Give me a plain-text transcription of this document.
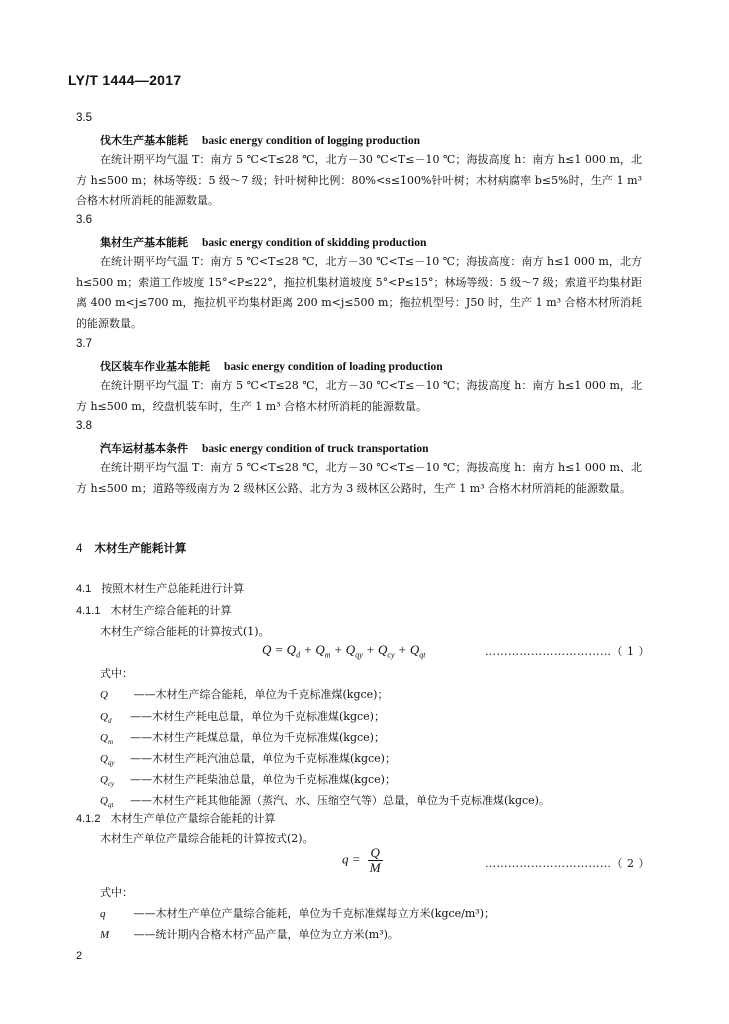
LY/T 1444—2017
3.5
伐木生产基本能耗 basic energy condition of logging production

在统计期平均气温 T：南方 5 ℃<T≤28 ℃，北方－30 ℃<T≤－10 ℃；海拔高度 h：南方 h≤1 000 m，北方 h≤500 m；林场等级：5 级～7 级；针叶树种比例：80%<s≤100%针叶树；木材病腐率 b≤5%时，生产 1 m³ 合格木材所消耗的能源数量。

3.6
集材生产基本能耗 basic energy condition of skidding production

在统计期平均气温 T：南方 5 ℃<T≤28 ℃，北方－30 ℃<T≤－10 ℃；海拔高度：南方 h≤1 000 m，北方 h≤500 m；索道工作坡度 15°<P≤22°，拖拉机集材道坡度 5°<P≤15°；林场等级：5 级～7 级；索道平均集材距离 400 m<j≤700 m，拖拉机平均集材距离 200 m<j≤500 m；拖拉机型号：J50 时，生产 1 m³ 合格木材所消耗的能源数量。

3.7
伐区装车作业基本能耗 basic energy condition of loading production

在统计期平均气温 T：南方 5 ℃<T≤28 ℃，北方－30 ℃<T≤－10 ℃；海拔高度 h：南方 h≤1 000 m，北方 h≤500 m，绞盘机装车时，生产 1 m³ 合格木材所消耗的能源数量。

3.8
汽车运材基本条件 basic energy condition of truck transportation

在统计期平均气温 T：南方 5 ℃<T≤28 ℃，北方－30 ℃<T≤－10 ℃；海拔高度 h：南方 h≤1 000 m、北方 h≤500 m；道路等级南方为 2 级林区公路、北方为 3 级林区公路时，生产 1 m³ 合格木材所消耗的能源数量。

4 木材生产能耗计算
4.1 按照木材生产总能耗进行计算
4.1.1 木材生产综合能耗的计算
木材生产综合能耗的计算按式(1)。
$Q = Q_d + Q_m + Q_{qy} + Q_{cy} + Q_{qt}$	……………………………（ 1 ）
式中：
Q ——木材生产综合能耗，单位为千克标准煤(kgce)；
$Q_d$ ——木材生产耗电总量，单位为千克标准煤(kgce)；
$Q_m$ ——木材生产耗煤总量，单位为千克标准煤(kgce)；
$Q_{qy}$ ——木材生产耗汽油总量，单位为千克标准煤(kgce)；
$Q_{cy}$ ——木材生产耗柴油总量，单位为千克标准煤(kgce)；
$Q_{qt}$ ——木材生产耗其他能源（蒸汽、水、压缩空气等）总量，单位为千克标准煤(kgce)。
4.1.2 木材生产单位产量综合能耗的计算
木材生产单位产量综合能耗的计算按式(2)。
$q = \frac{Q}{M}$	……………………………（ 2 ）
式中：
q ——木材生产单位产量综合能耗，单位为千克标准煤每立方米(kgce/m³)；
M ——统计期内合格木材产品产量，单位为立方米(m³)。
2
